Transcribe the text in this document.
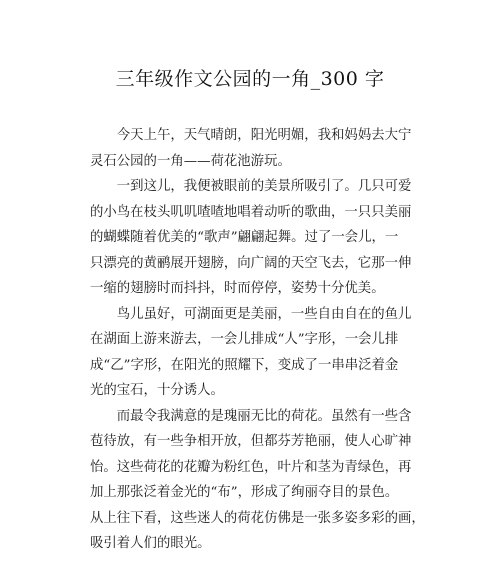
三年级作文公园的一角_300 字

今天上午，天气晴朗，阳光明媚，我和妈妈去大宁
灵石公园的一角——荷花池游玩。

一到这儿，我便被眼前的美景所吸引了。几只可爱
的小鸟在枝头叽叽喳喳地唱着动听的歌曲，一只只美丽
的蝴蝶随着优美的“歌声”翩翩起舞。过了一会儿，一
只漂亮的黄鹂展开翅膀，向广阔的天空飞去，它那一伸
一缩的翅膀时而抖抖，时而停停，姿势十分优美。

鸟儿虽好，可湖面更是美丽，一些自由自在的鱼儿
在湖面上游来游去，一会儿排成“人”字形，一会儿排
成“乙”字形，在阳光的照耀下，变成了一串串泛着金
光的宝石，十分诱人。

而最令我满意的是瑰丽无比的荷花。虽然有一些含
苞待放，有一些争相开放，但都芬芳艳丽，使人心旷神
怡。这些荷花的花瓣为粉红色，叶片和茎为青绿色，再
加上那张泛着金光的“布”，形成了绚丽夺目的景色。

从上往下看，这些迷人的荷花仿佛是一张多姿多彩的画，
吸引着人们的眼光。
